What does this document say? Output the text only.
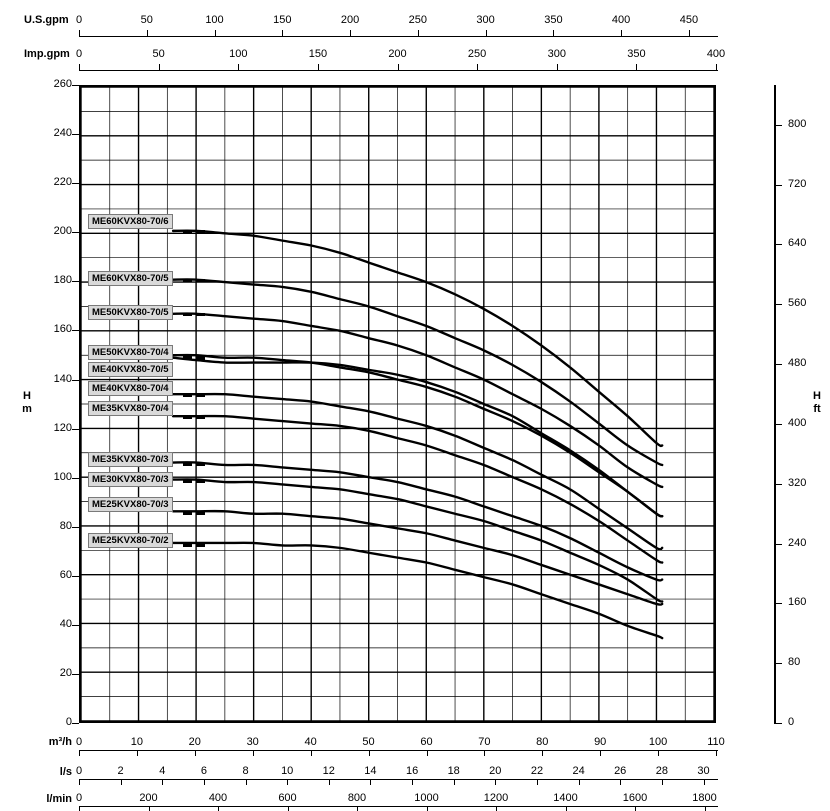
U.S.gpm
Imp.gpm
0	50	100	150	200	250	300	350	400	450
0	50	100	150	200	250	300	350	400
H
m
H
ft
0
20
40
60
80
100
120
140
160
180
200
220
240
260
0
80
160
240
320
400
480
560
640
720
800
ME60KVX80-70/6
ME60KVX80-70/5
ME50KVX80-70/5
ME50KVX80-70/4
ME40KVX80-70/5
ME40KVX80-70/4
ME35KVX80-70/4
ME35KVX80-70/3
ME30KVX80-70/3
ME25KVX80-70/3
ME25KVX80-70/2
m³/h
l/s
l/min
0	10	20	30	40	50	60	70	80	90	100	110
0	2	4	6	8	10	12	14	16	18	20	22	24	26	28	30
0	200	400	600	800	1000	1200	1400	1600	1800
